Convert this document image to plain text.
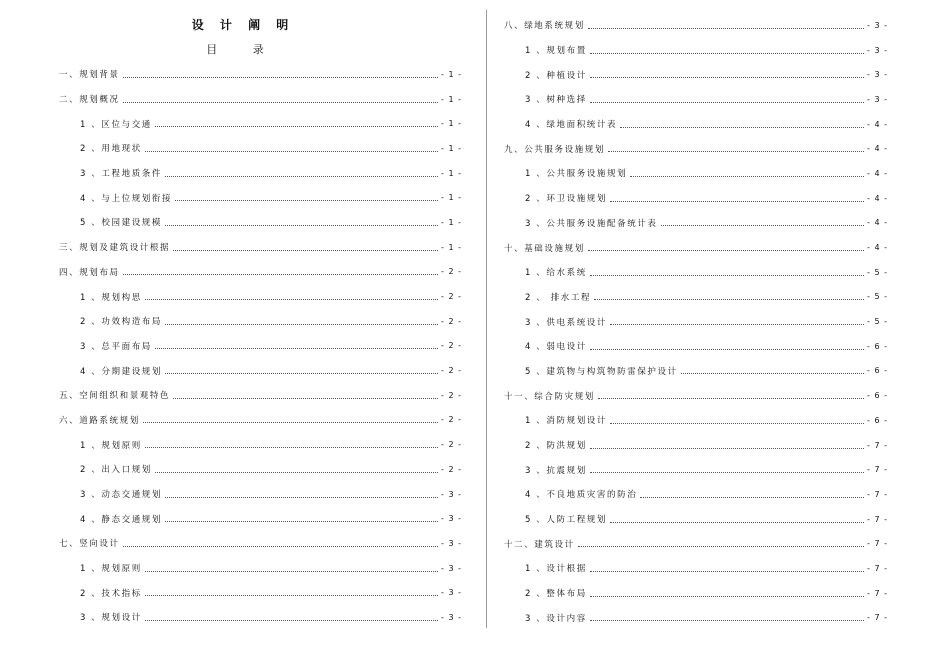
设 计 阐 明
目 录
一、规划背景	- 1 -
二、规划概况	- 1 -
1 、区位与交通	- 1 -
2 、用地现状	- 1 -
3 、工程地质条件	- 1 -
4 、与上位规划衔接	- 1 -
5 、校园建设规模	- 1 -
三、规划及建筑设计根据	- 1 -
四、规划布局	- 2 -
1 、规划构思	- 2 -
2 、功效构造布局	- 2 -
3 、总平面布局	- 2 -
4 、分期建设规划	- 2 -
五、空间组织和景观特色	- 2 -
六、道路系统规划	- 2 -
1 、规划原则	- 2 -
2 、出入口规划	- 2 -
3 、动态交通规划	- 3 -
4 、静态交通规划	- 3 -
七、竖向设计	- 3 -
1 、规划原则	- 3 -
2 、技术指标	- 3 -
3 、规划设计	- 3 -
八、绿地系统规划	- 3 -
1 、规划布置	- 3 -
2 、种植设计	- 3 -
3 、树种选择	- 3 -
4 、绿地面积统计表	- 4 -
九、公共服务设施规划	- 4 -
1 、公共服务设施规划	- 4 -
2 、环卫设施规划	- 4 -
3 、公共服务设施配备统计表	- 4 -
十、基础设施规划	- 4 -
1 、给水系统	- 5 -
2 、 排水工程	- 5 -
3 、供电系统设计	- 5 -
4 、弱电设计	- 6 -
5 、建筑物与构筑物防雷保护设计	- 6 -
十一、综合防灾规划	- 6 -
1 、消防规划设计	- 6 -
2 、防洪规划	- 7 -
3 、抗震规划	- 7 -
4 、不良地质灾害的防治	- 7 -
5 、人防工程规划	- 7 -
十二、建筑设计	- 7 -
1 、设计根据	- 7 -
2 、整体布局	- 7 -
3 、设计内容	- 7 -
